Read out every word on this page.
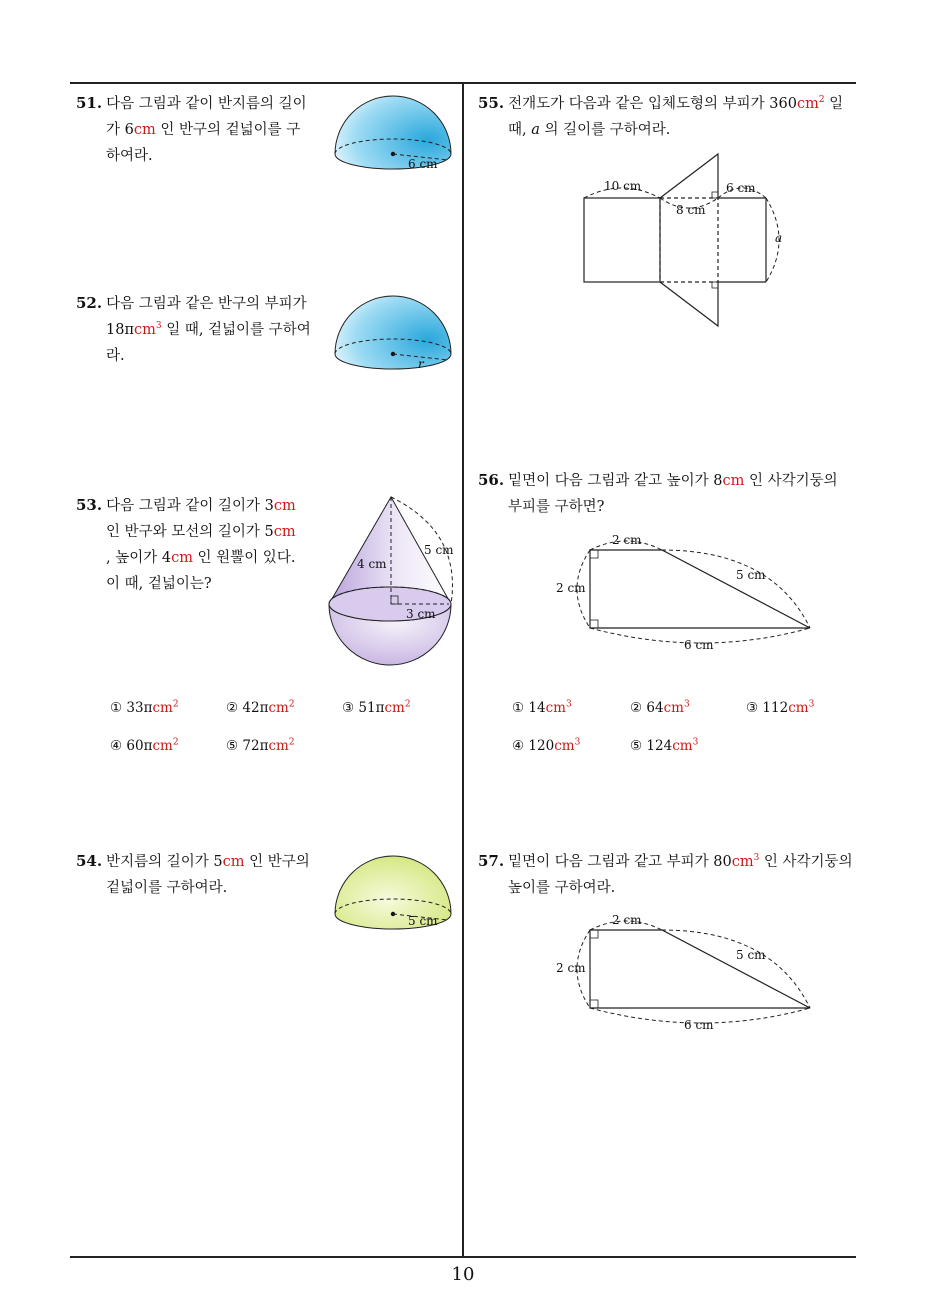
51. 다음 그림과 같이 반지름의 길이
가 6cm 인 반구의 겉넓이를 구
하여라.	6 cm
52. 다음 그림과 같은 반구의 부피가
18πcm$^3$ 일 때, 겉넓이를 구하여
라.	r
53. 다음 그림과 같이 길이가 3cm
인 반구와 모선의 길이가 5cm
, 높이가 4cm 인 원뿔이 있다.
이 때, 겉넓이는?
4 cm
5 cm
3 cm
① 33πcm$^2$	② 42πcm$^2$	③ 51πcm$^2$
④ 60πcm$^2$	⑤ 72πcm$^2$
54. 반지름의 길이가 5cm 인 반구의
겉넓이를 구하여라.
5 cm
55. 전개도가 다음과 같은 입체도형의 부피가 $360cm^2$ 일
때, a 의 길이를 구하여라.
10 cm
8 cm
6 cm
a
56. 밑면이 다음 그림과 같고 높이가 8cm 인 사각기둥의
부피를 구하면?
2 cm
2 cm
5 cm
6 cm
① $14cm^3$	② $64cm^3$	③ $112cm^3$
④ $120cm^3$	⑤ $124cm^3$
57. 밑면이 다음 그림과 같고 부피가 $80cm^3$ 인 사각기둥의
높이를 구하여라.
2 cm
2 cm
5 cm
6 cm
10
